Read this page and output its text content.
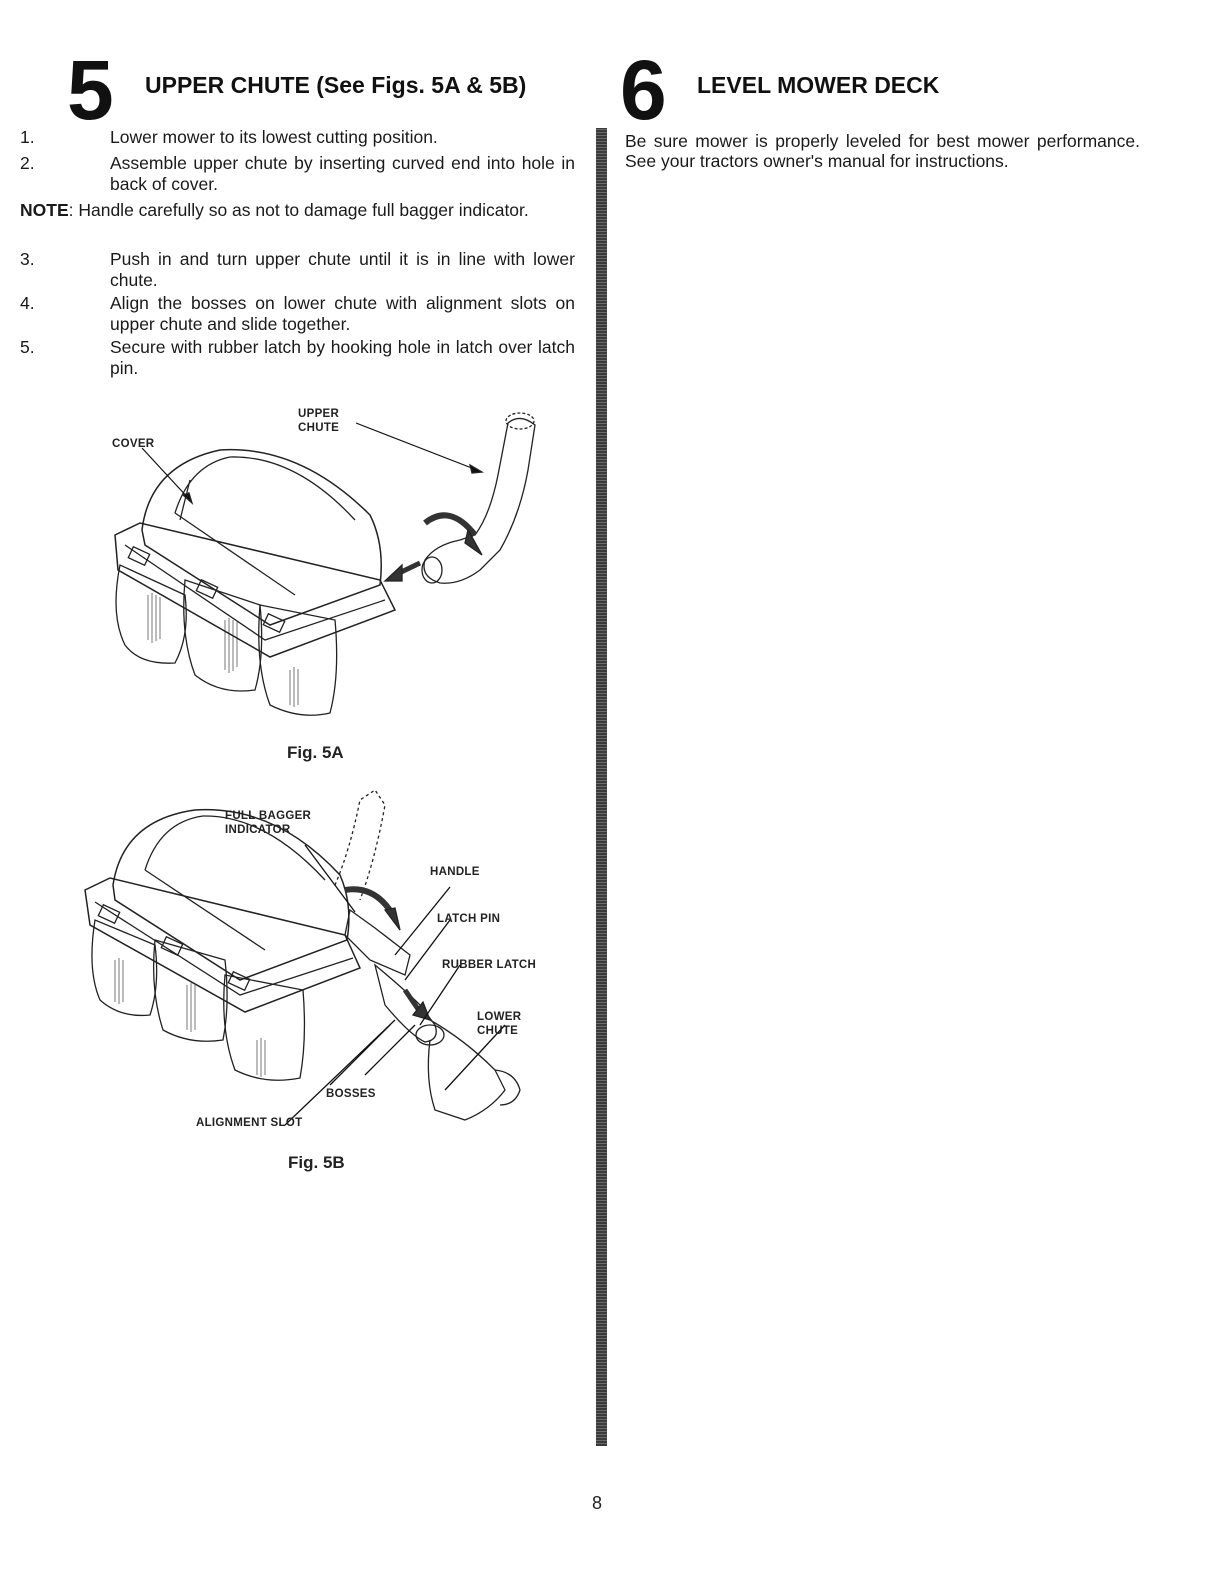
5 UPPER CHUTE (See Figs. 5A & 5B)
1.	Lower mower to its lowest cutting position.
2.	Assemble upper chute by inserting curved end into hole in back of cover.
NOTE: Handle carefully so as not to damage full bagger indicator.
3.	Push in and turn upper chute until it is in line with lower chute.
4.	Align the bosses on lower chute with alignment slots on upper chute and slide together.
5.	Secure with rubber latch by hooking hole in latch over latch pin.
UPPER
CHUTE
COVER
Fig. 5A
FULL BAGGER
INDICATOR
HANDLE
LATCH PIN
RUBBER LATCH
LOWER
CHUTE
BOSSES
ALIGNMENT SLOT
Fig. 5B
6 LEVEL MOWER DECK
Be sure mower is properly leveled for best mower performance. See your tractors owner's manual for instructions.
8
